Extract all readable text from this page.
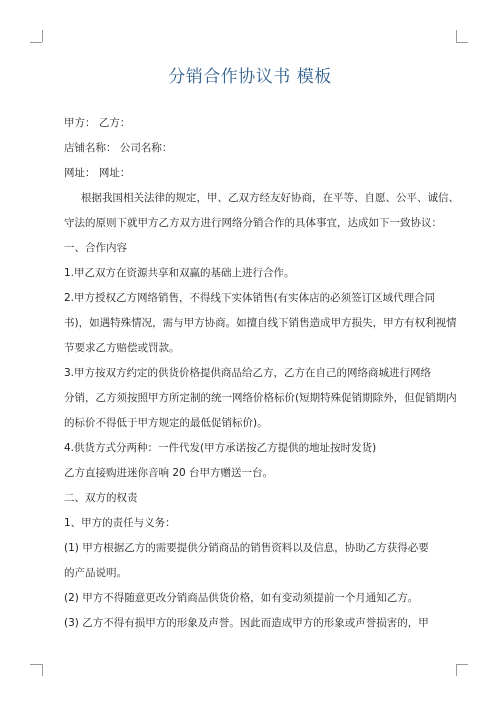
分销合作协议书 模板

甲方： 乙方：

店铺名称： 公司名称：

网址： 网址：

根据我国相关法律的规定，甲、乙双方经友好协商，在平等、自愿、公平、诚信、

守法的原则下就甲方乙方双方进行网络分销合作的具体事宜，达成如下一致协议：

一、合作内容

1.甲乙双方在资源共享和双赢的基础上进行合作。

2.甲方授权乙方网络销售，不得线下实体销售(有实体店的必须签订区域代理合同

书)，如遇特殊情况，需与甲方协商。如擅自线下销售造成甲方损失，甲方有权利视情

节要求乙方赔偿或罚款。

3.甲方按双方约定的供货价格提供商品给乙方，乙方在自己的网络商城进行网络

分销，乙方须按照甲方所定制的统一网络价格标价(短期特殊促销期除外，但促销期内

的标价不得低于甲方规定的最低促销标价)。

4.供货方式分两种：一件代发(甲方承诺按乙方提供的地址按时发货)

乙方直接购进迷你音响 20 台甲方赠送一台。

二、双方的权责

1、甲方的责任与义务：

(1) 甲方根据乙方的需要提供分销商品的销售资料以及信息，协助乙方获得必要

的产品说明。

(2) 甲方不得随意更改分销商品供货价格，如有变动须提前一个月通知乙方。

(3) 乙方不得有损甲方的形象及声誉。因此而造成甲方的形象或声誉损害的，甲
